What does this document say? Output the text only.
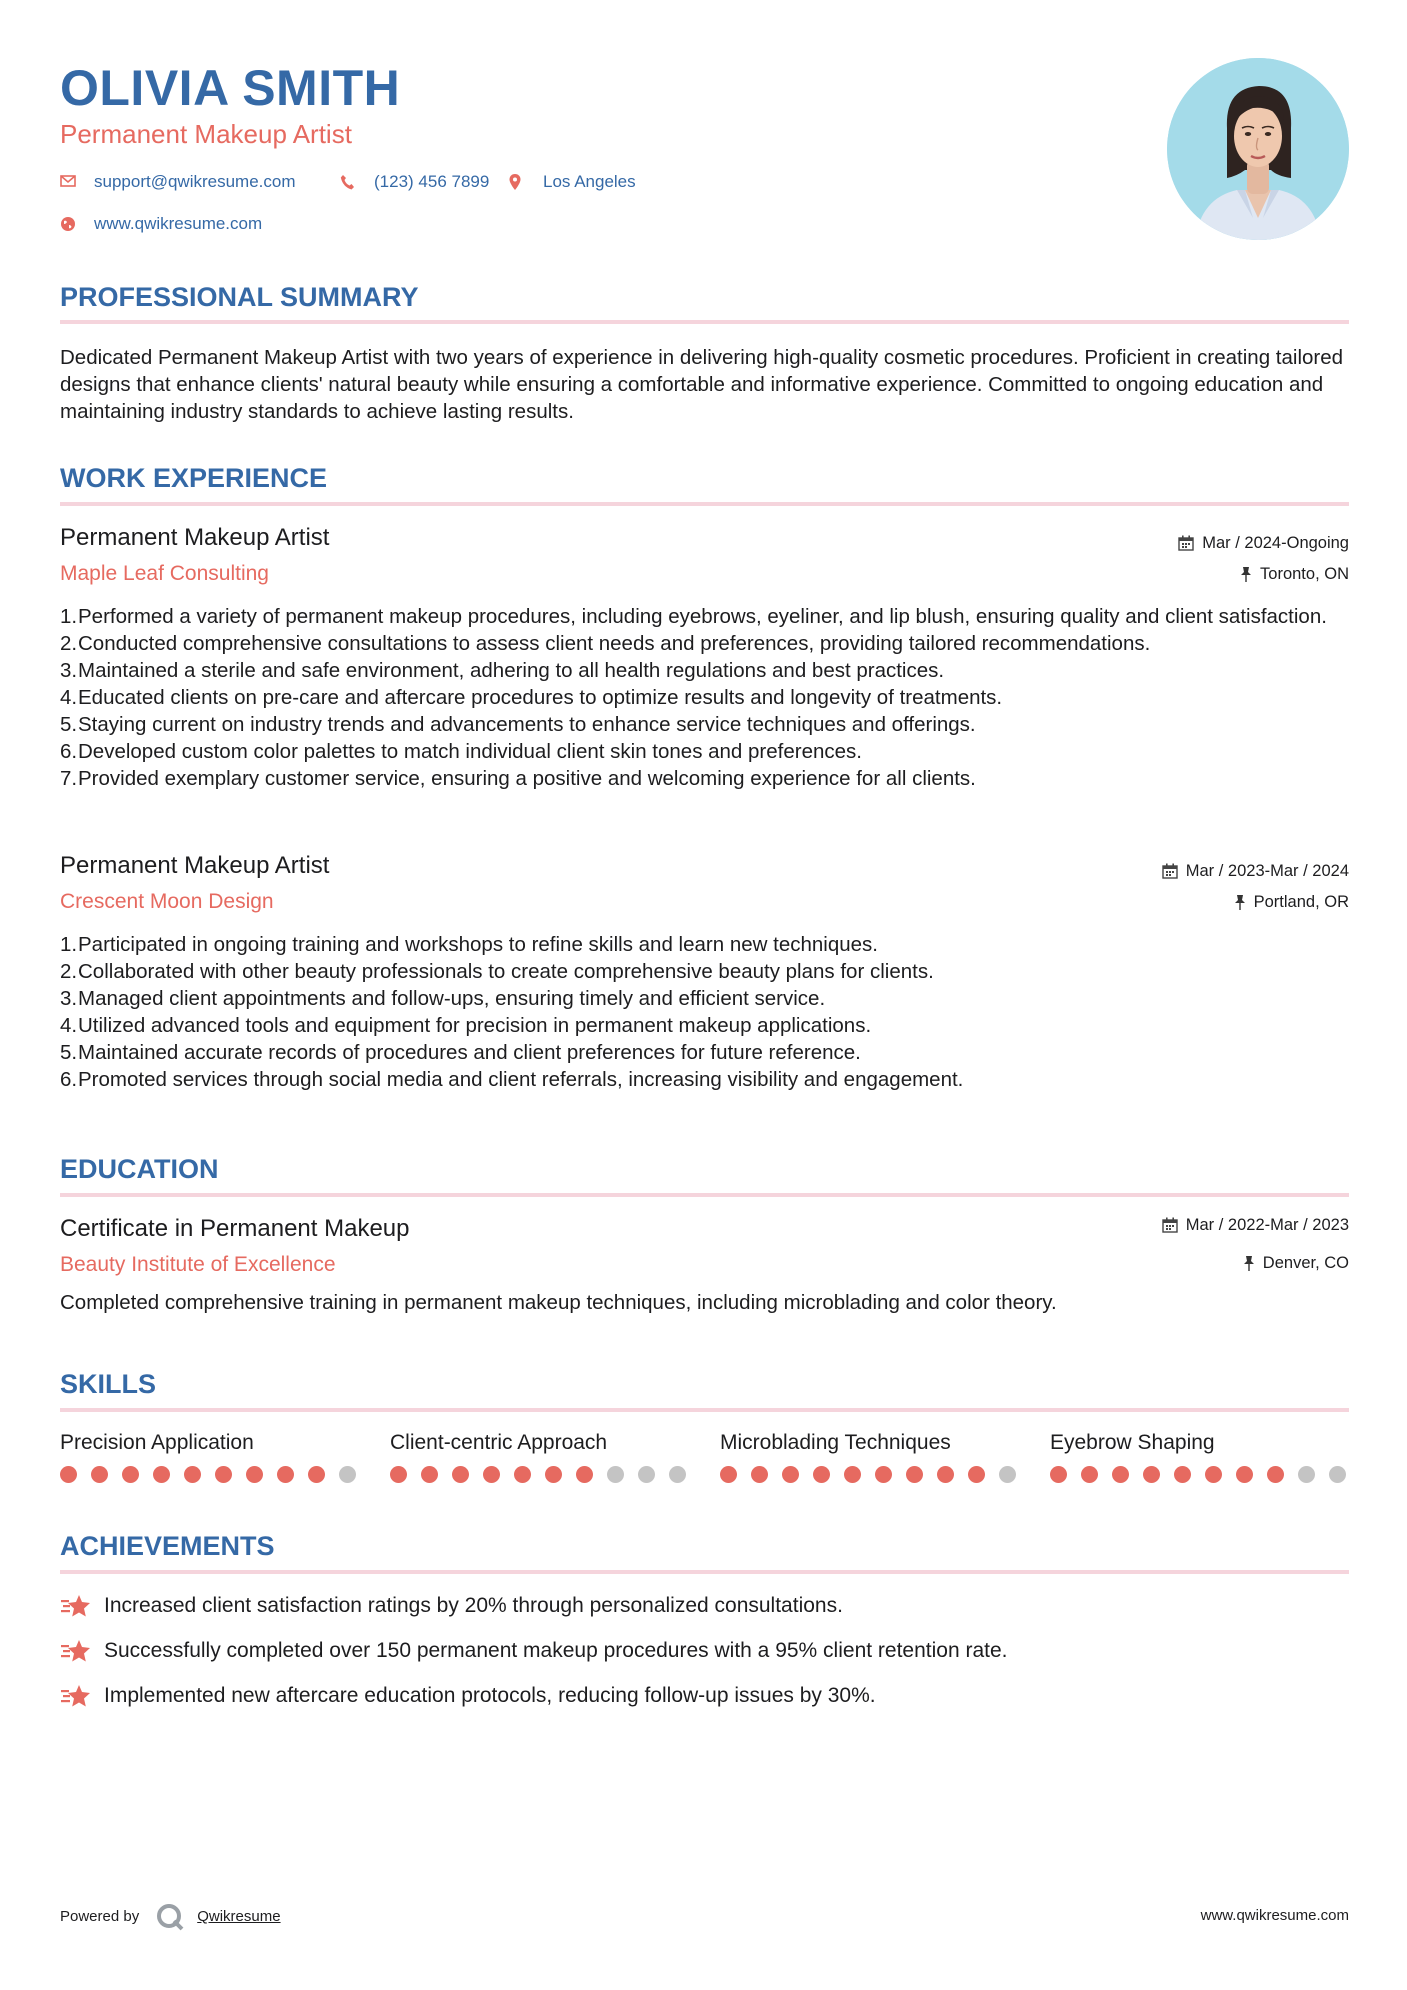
OLIVIA SMITH
Permanent Makeup Artist
support@qwikresume.com	(123) 456 7899	Los Angeles
www.qwikresume.com
PROFESSIONAL SUMMARY
Dedicated Permanent Makeup Artist with two years of experience in delivering high-quality cosmetic procedures. Proficient in creating tailored designs that enhance clients' natural beauty while ensuring a comfortable and informative experience. Committed to ongoing education and maintaining industry standards to achieve lasting results.
WORK EXPERIENCE
Permanent Makeup Artist
Maple Leaf Consulting
Mar / 2024-Ongoing
Toronto, ON
Performed a variety of permanent makeup procedures, including eyebrows, eyeliner, and lip blush, ensuring quality and client satisfaction.
Conducted comprehensive consultations to assess client needs and preferences, providing tailored recommendations.
Maintained a sterile and safe environment, adhering to all health regulations and best practices.
Educated clients on pre-care and aftercare procedures to optimize results and longevity of treatments.
Staying current on industry trends and advancements to enhance service techniques and offerings.
Developed custom color palettes to match individual client skin tones and preferences.
Provided exemplary customer service, ensuring a positive and welcoming experience for all clients.
Permanent Makeup Artist
Crescent Moon Design
Mar / 2023-Mar / 2024
Portland, OR
Participated in ongoing training and workshops to refine skills and learn new techniques.
Collaborated with other beauty professionals to create comprehensive beauty plans for clients.
Managed client appointments and follow-ups, ensuring timely and efficient service.
Utilized advanced tools and equipment for precision in permanent makeup applications.
Maintained accurate records of procedures and client preferences for future reference.
Promoted services through social media and client referrals, increasing visibility and engagement.
EDUCATION
Certificate in Permanent Makeup
Beauty Institute of Excellence
Mar / 2022-Mar / 2023
Denver, CO
Completed comprehensive training in permanent makeup techniques, including microblading and color theory.
SKILLS
Precision Application	Client-centric Approach	Microblading Techniques	Eyebrow Shaping
ACHIEVEMENTS
Increased client satisfaction ratings by 20% through personalized consultations.
Successfully completed over 150 permanent makeup procedures with a 95% client retention rate.
Implemented new aftercare education protocols, reducing follow-up issues by 30%.
Powered by	Qwikresume	www.qwikresume.com
